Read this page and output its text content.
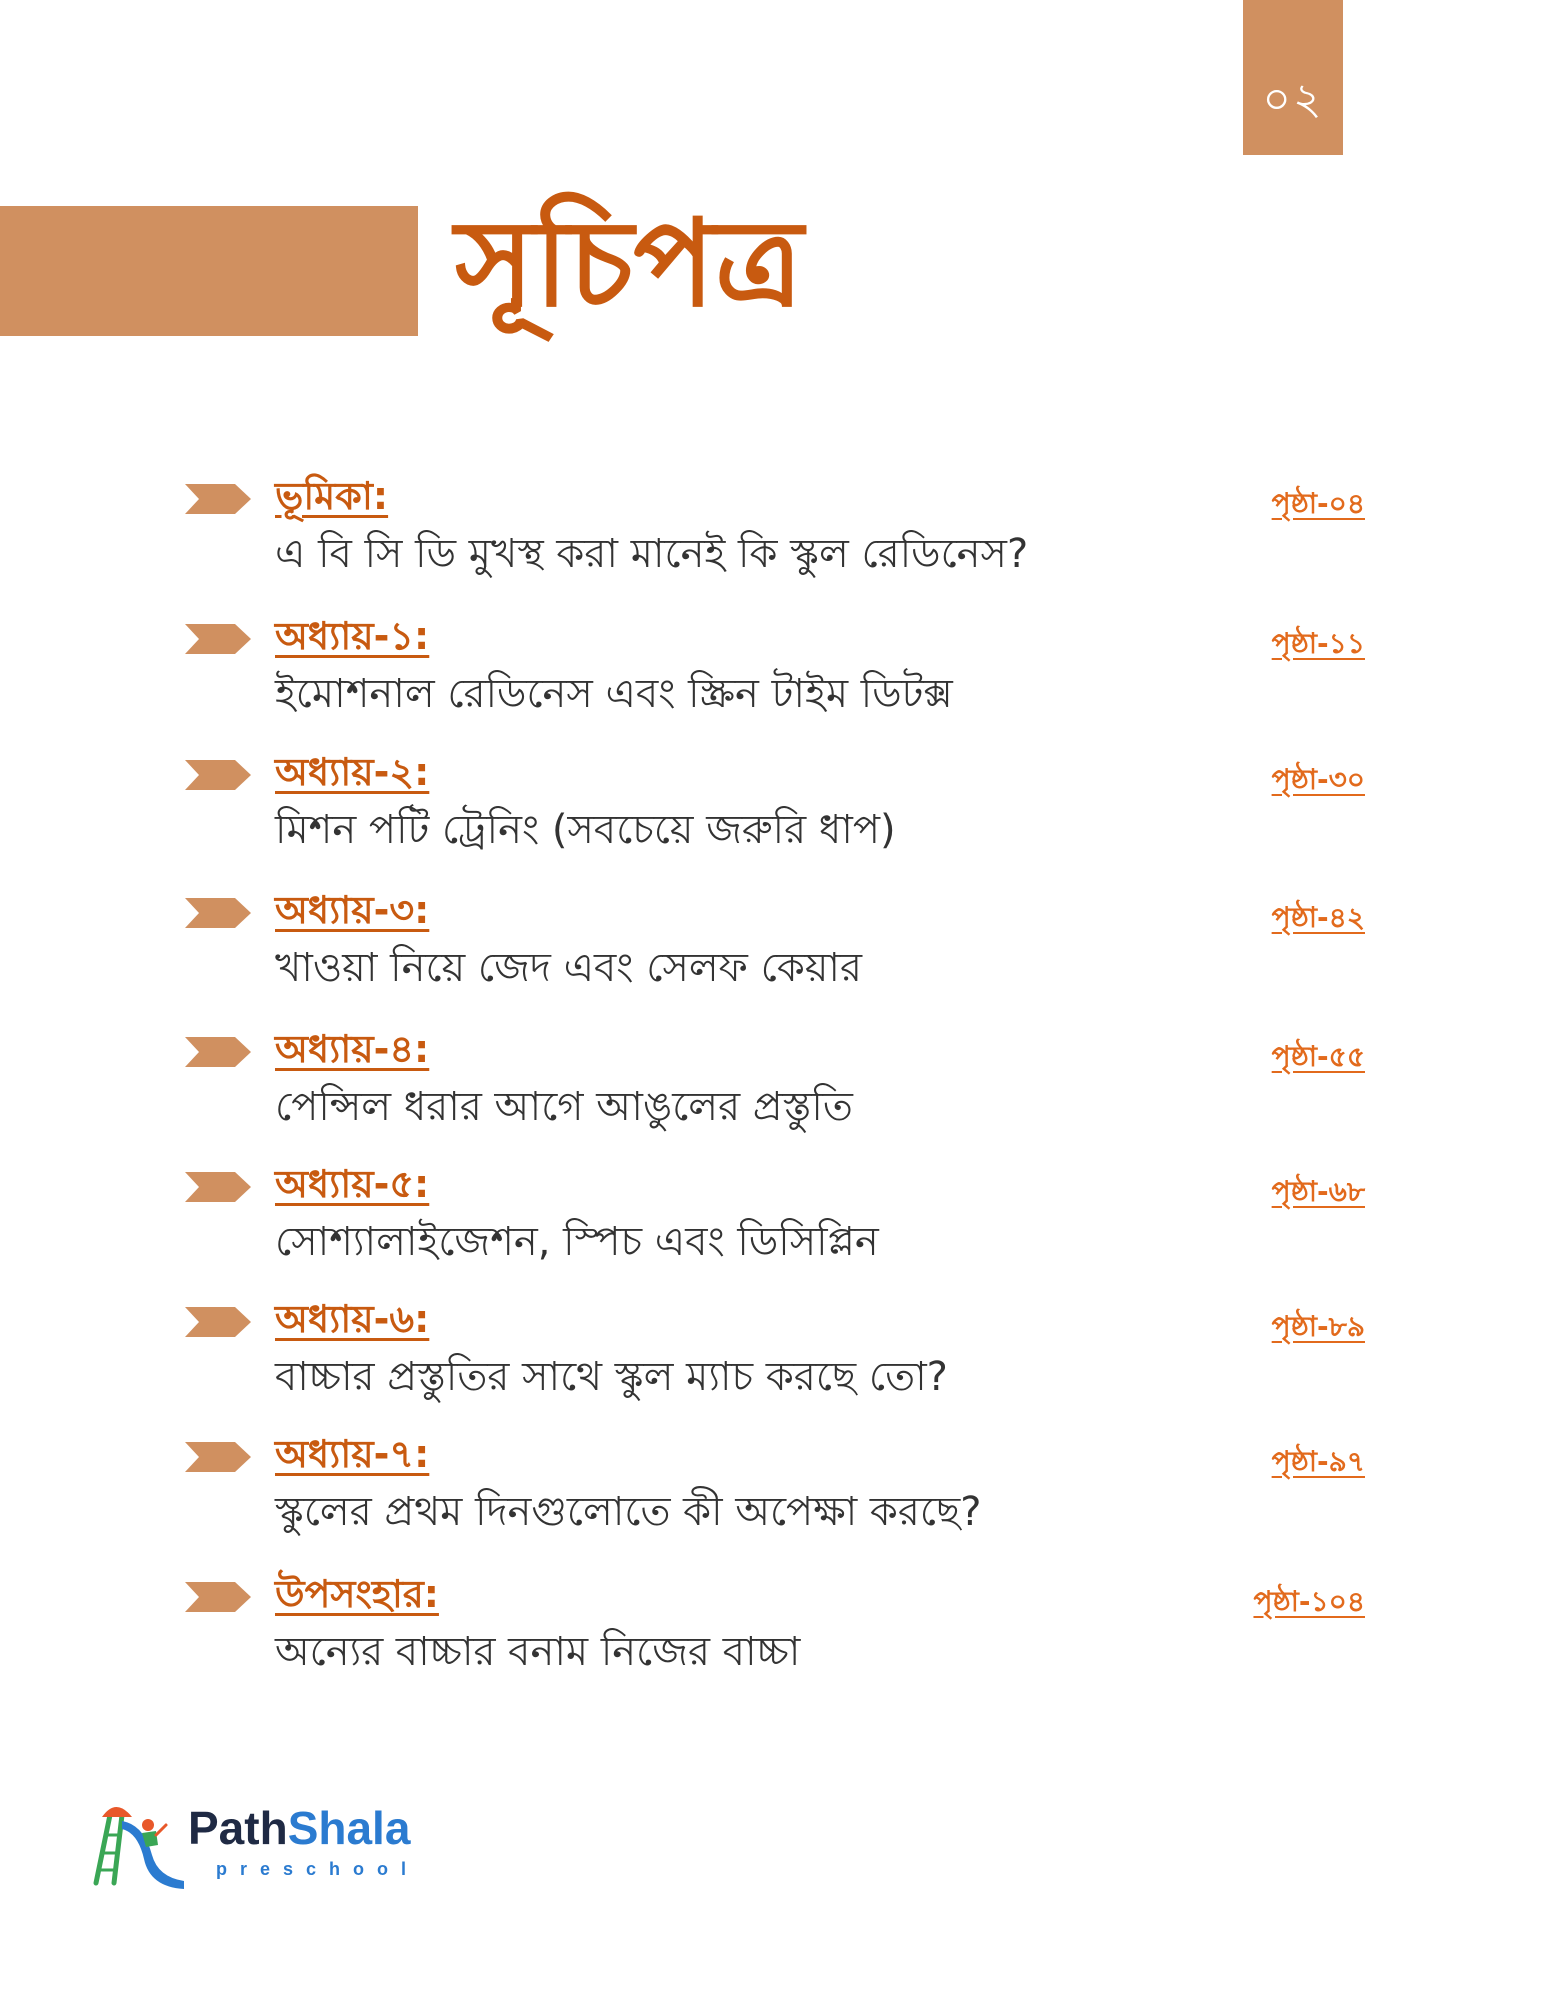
০২
সূচিপত্র
ভূমিকা:	পৃষ্ঠা-০৪
এ বি সি ডি মুখস্থ করা মানেই কি স্কুল রেডিনেস?
অধ্যায়-১:	পৃষ্ঠা-১১
ইমোশনাল রেডিনেস এবং স্ক্রিন টাইম ডিটক্স
অধ্যায়-২:	পৃষ্ঠা-৩০
মিশন পটি ট্রেনিং (সবচেয়ে জরুরি ধাপ)
অধ্যায়-৩:	পৃষ্ঠা-৪২
খাওয়া নিয়ে জেদ এবং সেলফ কেয়ার
অধ্যায়-৪:	পৃষ্ঠা-৫৫
পেন্সিল ধরার আগে আঙুলের প্রস্তুতি
অধ্যায়-৫:	পৃষ্ঠা-৬৮
সোশ্যালাইজেশন, স্পিচ এবং ডিসিপ্লিন
অধ্যায়-৬:	পৃষ্ঠা-৮৯
বাচ্চার প্রস্তুতির সাথে স্কুল ম্যাচ করছে তো?
অধ্যায়-৭:	পৃষ্ঠা-৯৭
স্কুলের প্রথম দিনগুলোতে কী অপেক্ষা করছে?
উপসংহার:	পৃষ্ঠা-১০৪
অন্যের বাচ্চার বনাম নিজের বাচ্চা
PathShala
preschool
